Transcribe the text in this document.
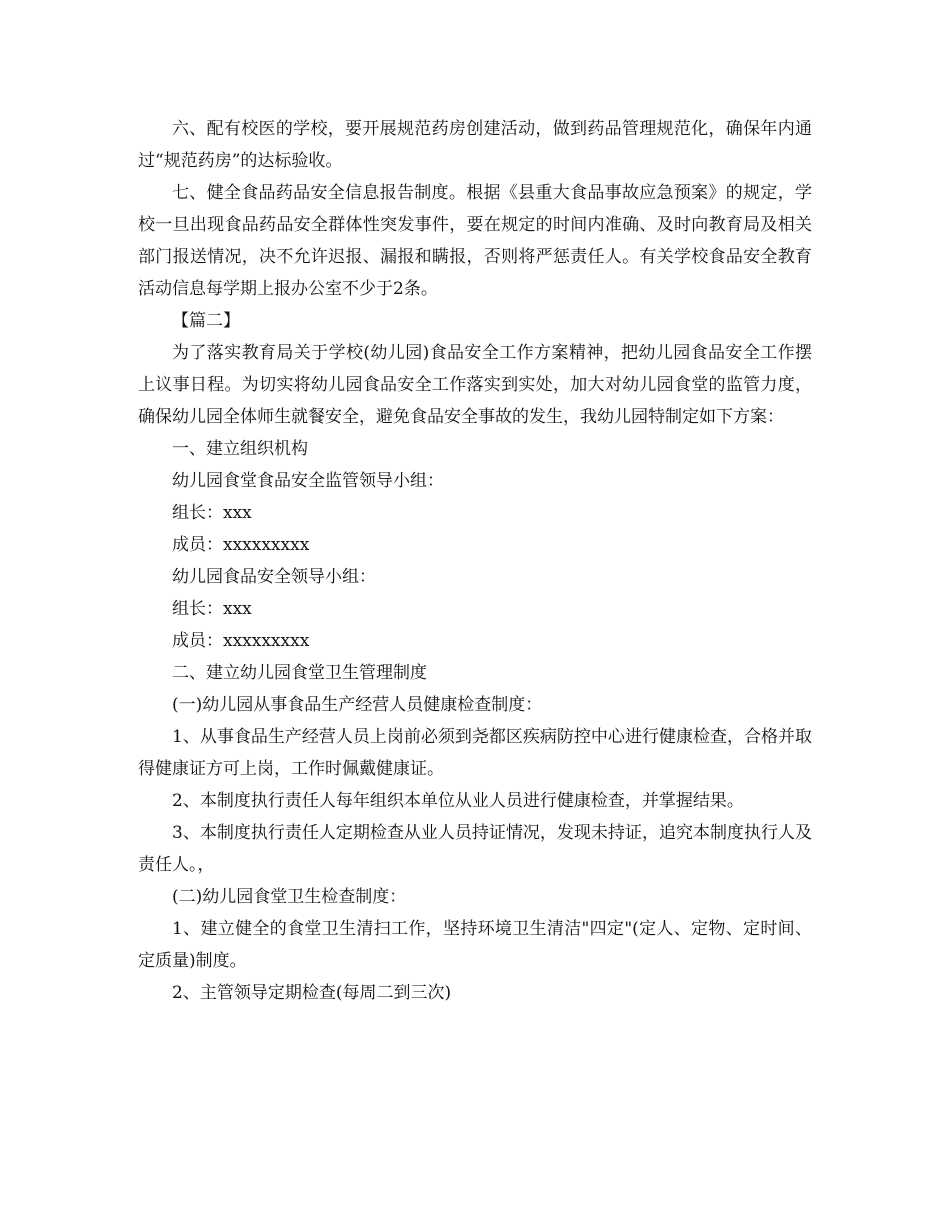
六、配有校医的学校，要开展规范药房创建活动，做到药品管理规范化，确保年内通过“规范药房”的达标验收。

七、健全食品药品安全信息报告制度。根据《县重大食品事故应急预案》的规定，学校一旦出现食品药品安全群体性突发事件，要在规定的时间内准确、及时向教育局及相关部门报送情况，决不允许迟报、漏报和瞒报，否则将严惩责任人。有关学校食品安全教育活动信息每学期上报办公室不少于2条。

【篇二】

为了落实教育局关于学校(幼儿园)食品安全工作方案精神，把幼儿园食品安全工作摆上议事日程。为切实将幼儿园食品安全工作落实到实处，加大对幼儿园食堂的监管力度，确保幼儿园全体师生就餐安全，避免食品安全事故的发生，我幼儿园特制定如下方案：

一、建立组织机构

幼儿园食堂食品安全监管领导小组：

组长：xxx

成员：xxxxxxxxx

幼儿园食品安全领导小组：

组长：xxx

成员：xxxxxxxxx

二、建立幼儿园食堂卫生管理制度

(一)幼儿园从事食品生产经营人员健康检查制度：

1、从事食品生产经营人员上岗前必须到尧都区疾病防控中心进行健康检查，合格并取得健康证方可上岗，工作时佩戴健康证。

2、本制度执行责任人每年组织本单位从业人员进行健康检查，并掌握结果。

3、本制度执行责任人定期检查从业人员持证情况，发现未持证，追究本制度执行人及责任人。，

(二)幼儿园食堂卫生检查制度：

1、建立健全的食堂卫生清扫工作，坚持环境卫生清洁"四定"(定人、定物、定时间、定质量)制度。

2、主管领导定期检查(每周二到三次)
